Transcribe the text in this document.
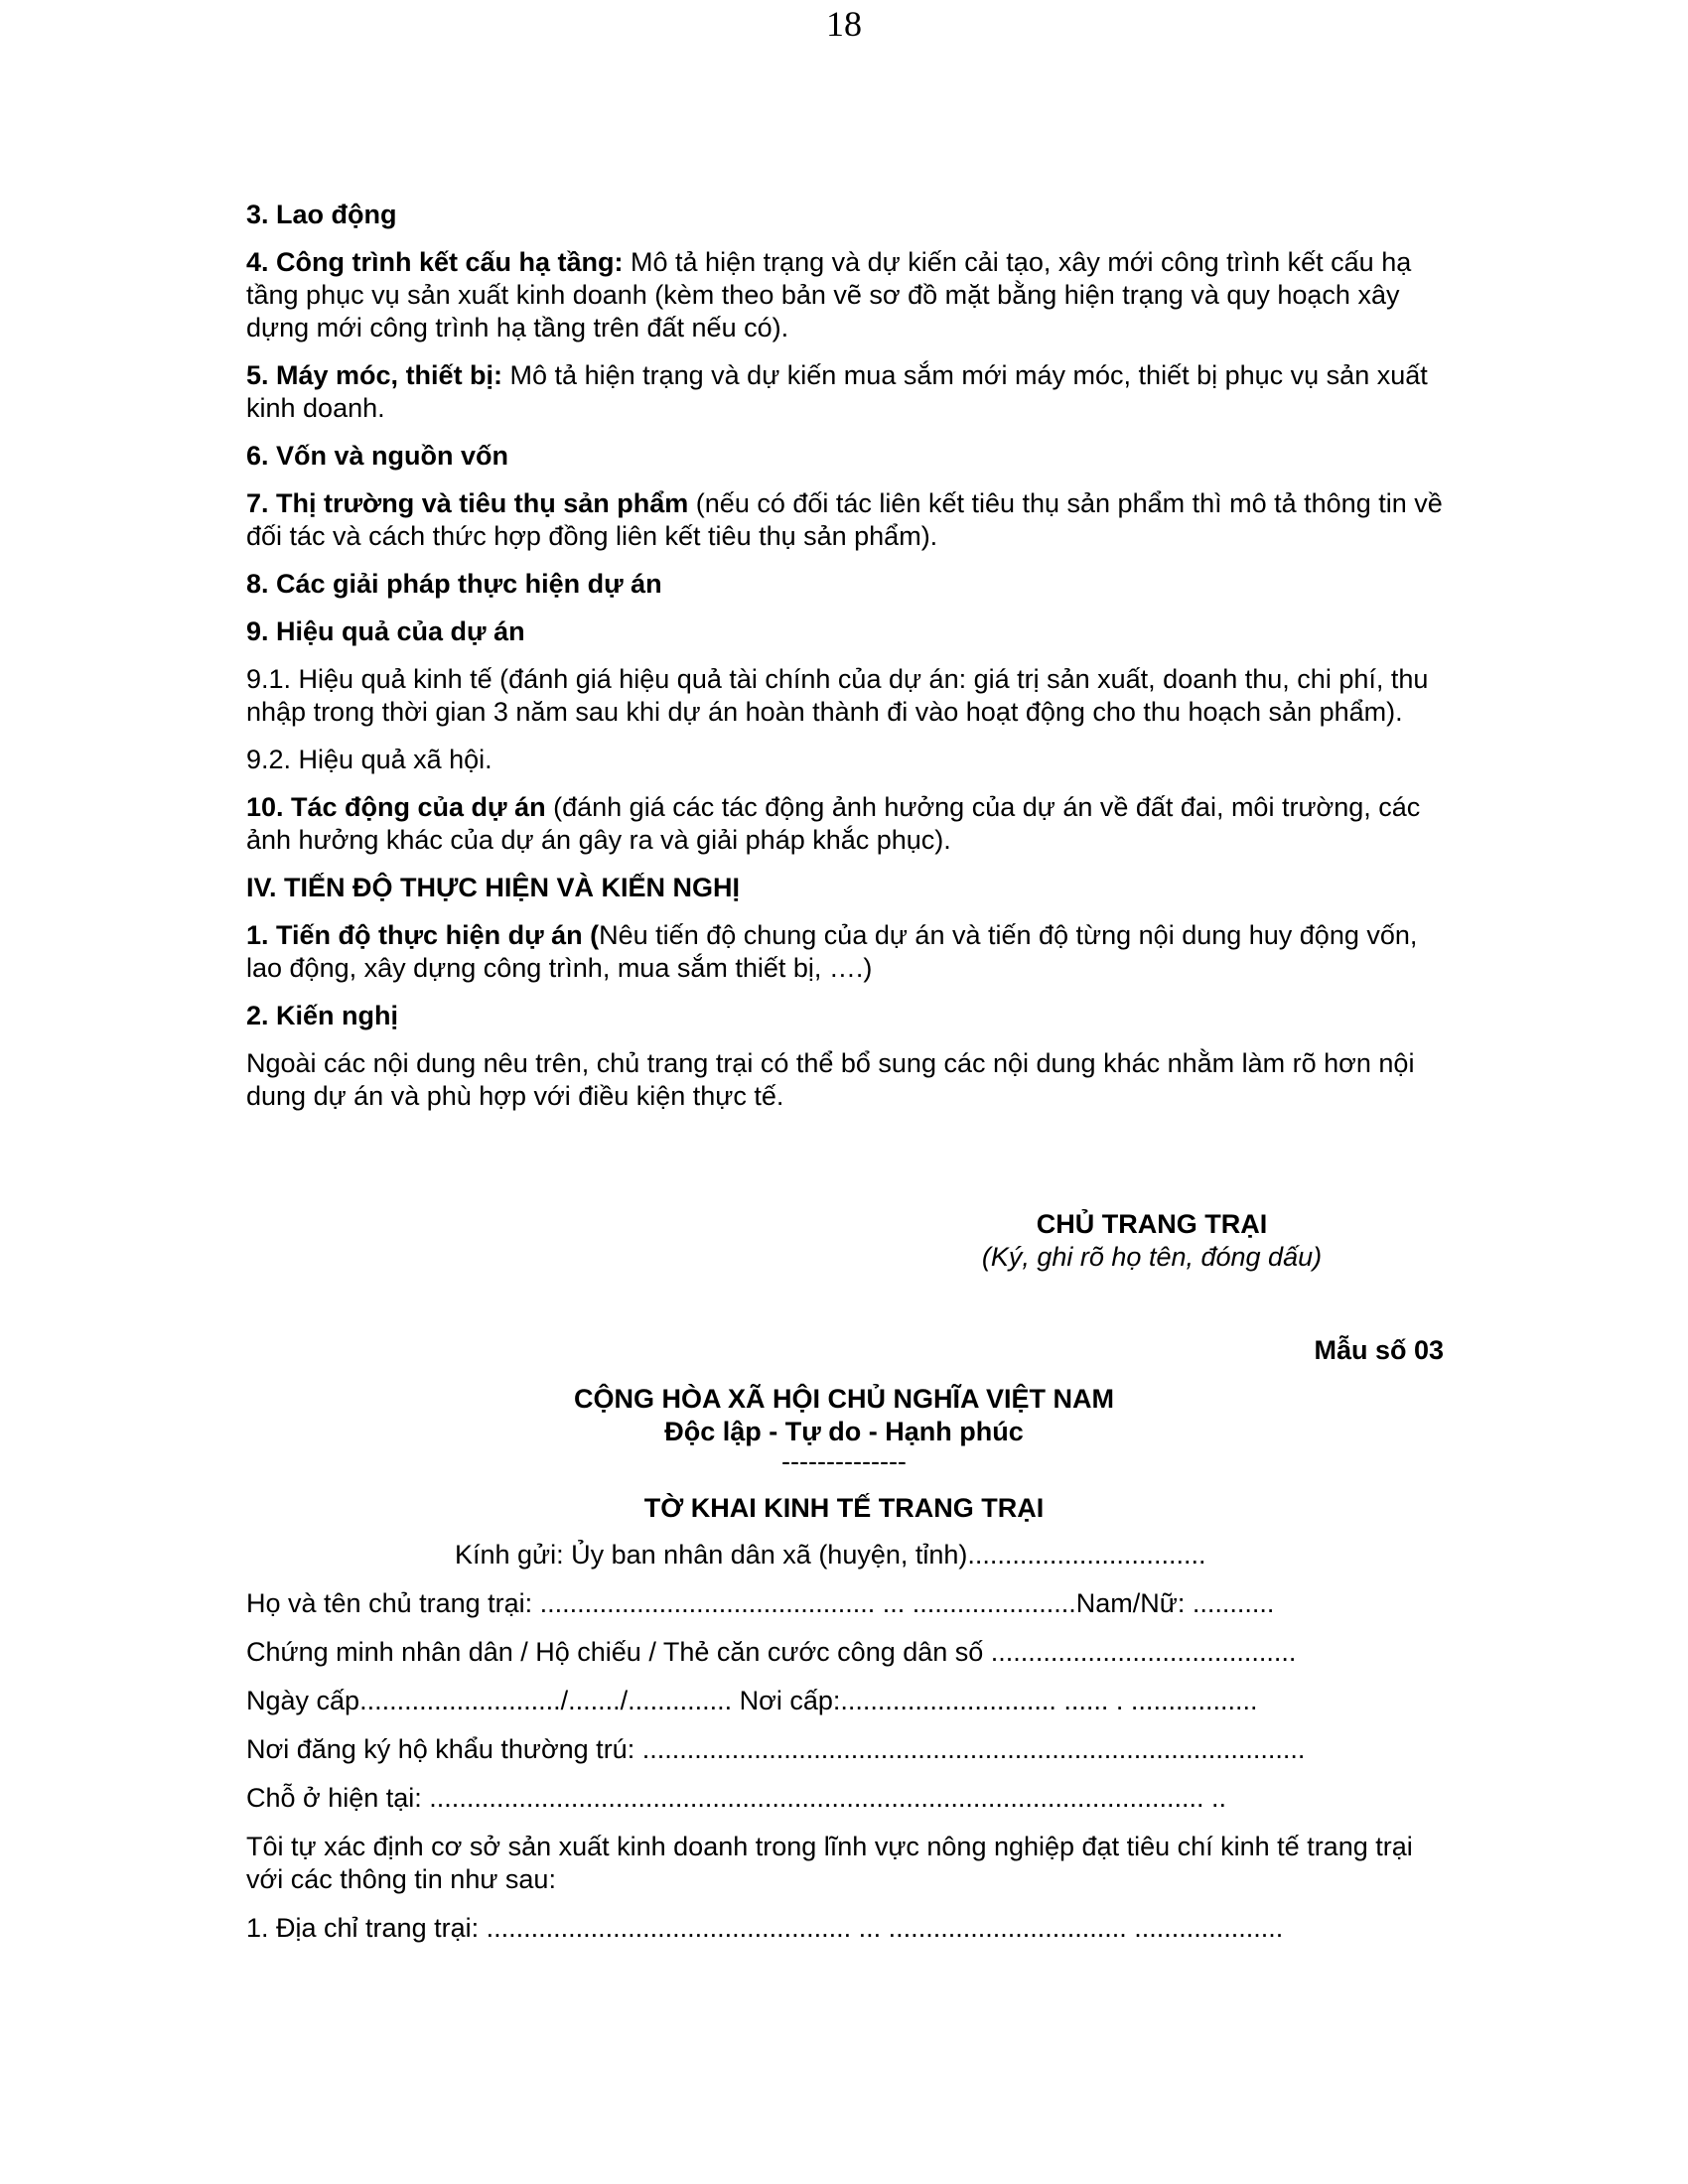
18

3. Lao động

4. Công trình kết cấu hạ tầng: Mô tả hiện trạng và dự kiến cải tạo, xây mới công trình kết cấu hạ tầng phục vụ sản xuất kinh doanh (kèm theo bản vẽ sơ đồ mặt bằng hiện trạng và quy hoạch xây dựng mới công trình hạ tầng trên đất nếu có).

5. Máy móc, thiết bị: Mô tả hiện trạng và dự kiến mua sắm mới máy móc, thiết bị phục vụ sản xuất kinh doanh.

6. Vốn và nguồn vốn

7. Thị trường và tiêu thụ sản phẩm (nếu có đối tác liên kết tiêu thụ sản phẩm thì mô tả thông tin về đối tác và cách thức hợp đồng liên kết tiêu thụ sản phẩm).

8. Các giải pháp thực hiện dự án

9. Hiệu quả của dự án

9.1. Hiệu quả kinh tế (đánh giá hiệu quả tài chính của dự án: giá trị sản xuất, doanh thu, chi phí, thu nhập trong thời gian 3 năm sau khi dự án hoàn thành đi vào hoạt động cho thu hoạch sản phẩm).

9.2. Hiệu quả xã hội.

10. Tác động của dự án (đánh giá các tác động ảnh hưởng của dự án về đất đai, môi trường, các ảnh hưởng khác của dự án gây ra và giải pháp khắc phục).

IV. TIẾN ĐỘ THỰC HIỆN VÀ KIẾN NGHỊ

1. Tiến độ thực hiện dự án (Nêu tiến độ chung của dự án và tiến độ từng nội dung huy động vốn, lao động, xây dựng công trình, mua sắm thiết bị, ….)

2. Kiến nghị

Ngoài các nội dung nêu trên, chủ trang trại có thể bổ sung các nội dung khác nhằm làm rõ hơn nội dung dự án và phù hợp với điều kiện thực tế.

CHỦ TRANG TRẠI
(Ký, ghi rõ họ tên, đóng dấu)
Mẫu số 03
CỘNG HÒA XÃ HỘI CHỦ NGHĨA VIỆT NAM
Độc lập - Tự do - Hạnh phúc
--------------
TỜ KHAI KINH TẾ TRANG TRẠI

Kính gửi: Ủy ban nhân dân xã (huyện, tỉnh)................................

Họ và tên chủ trang trại: ............................................. ... ......................Nam/Nữ: ...........

Chứng minh nhân dân / Hộ chiếu / Thẻ căn cước công dân số .........................................

Ngày cấp.........................../......./.............. Nơi cấp:............................. ...... . .................

Nơi đăng ký hộ khẩu thường trú: .........................................................................................

Chỗ ở hiện tại: ........................................................................................................ ..

Tôi tự xác định cơ sở sản xuất kinh doanh trong lĩnh vực nông nghiệp đạt tiêu chí kinh tế trang trại với các thông tin như sau:

1. Địa chỉ trang trại: ................................................. ... ................................ ....................
